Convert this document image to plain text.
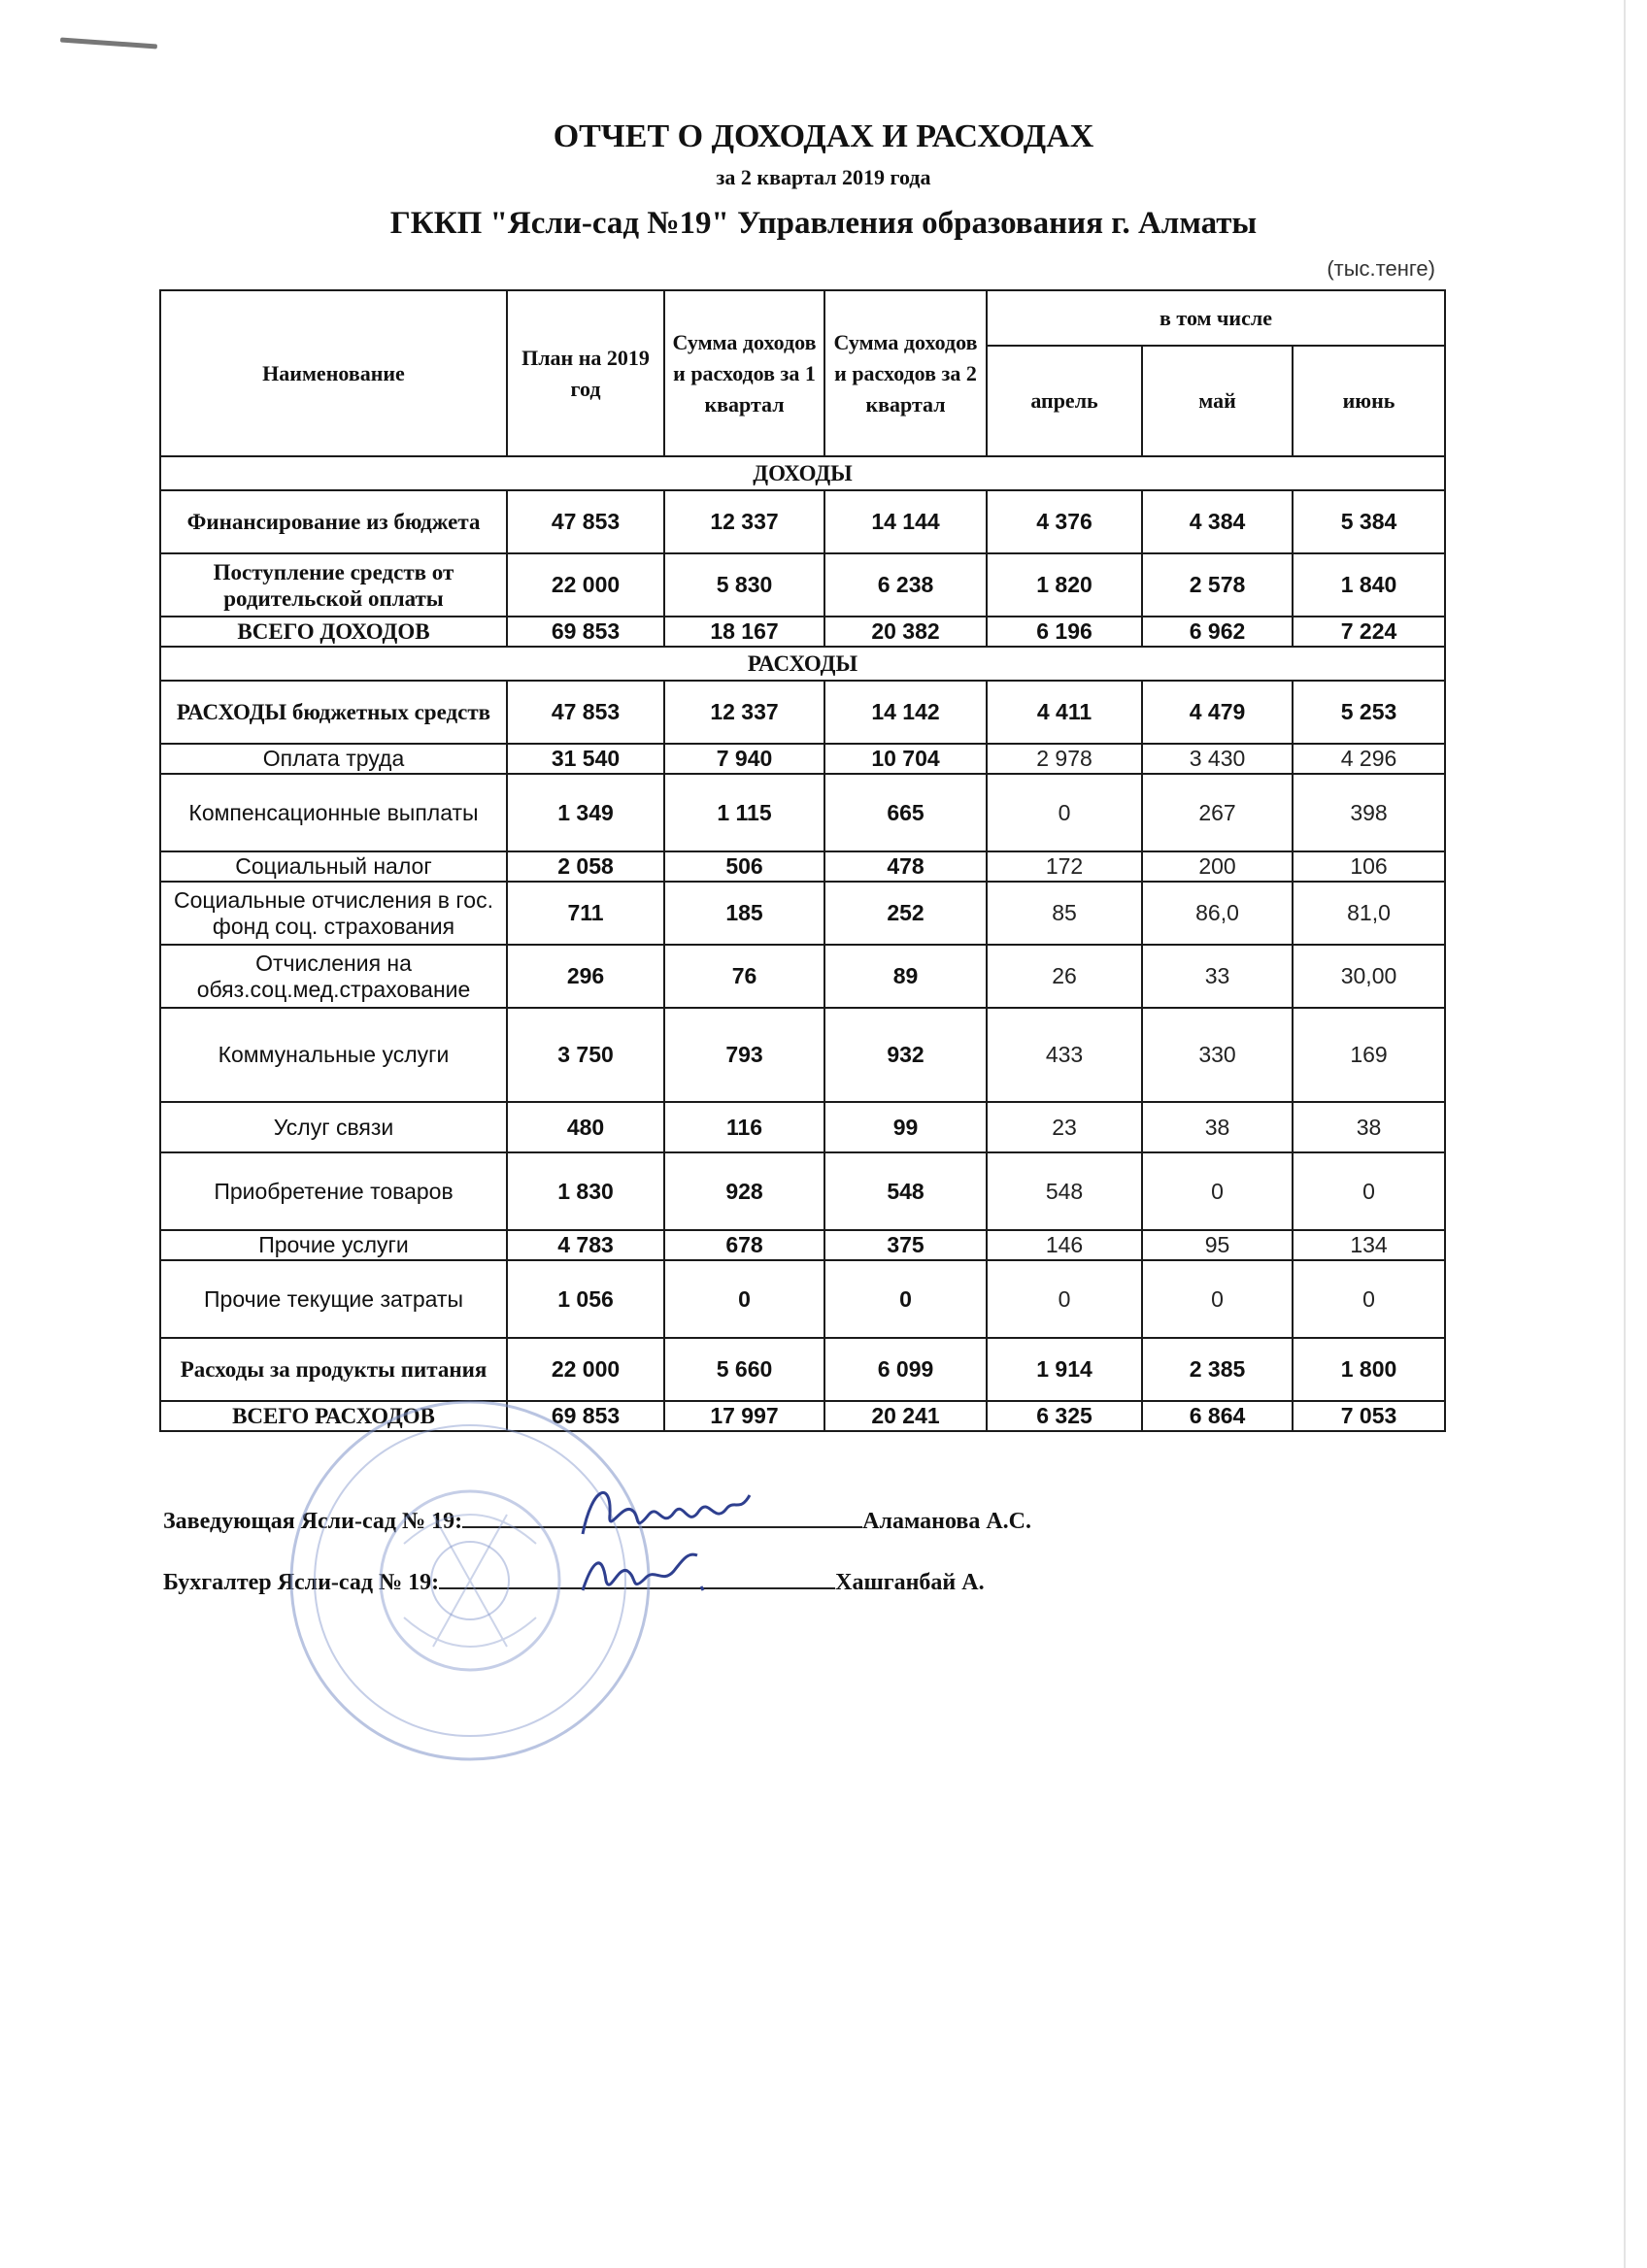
ОТЧЕТ О ДОХОДАХ И РАСХОДАХ
за 2 квартал 2019 года
ГККП "Ясли-сад №19" Управления образования г. Алматы
(тыс.тенге)
Наименование	План на 2019 год	Сумма доходов и расходов за 1 квартал	Сумма доходов и расходов за 2 квартал	в том числе		
				апрель	май	июнь
ДОХОДЫ						
Финансирование из бюджета	47 853	12 337	14 144	4 376	4 384	5 384
Поступление средств от родительской оплаты	22 000	5 830	6 238	1 820	2 578	1 840
ВСЕГО ДОХОДОВ	69 853	18 167	20 382	6 196	6 962	7 224
РАСХОДЫ						
РАСХОДЫ бюджетных средств	47 853	12 337	14 142	4 411	4 479	5 253
Оплата труда	31 540	7 940	10 704	2 978	3 430	4 296
Компенсационные выплаты	1 349	1 115	665	0	267	398
Социальный налог	2 058	506	478	172	200	106
Социальные отчисления в гос. фонд соц. страхования	711	185	252	85	86,0	81,0
Отчисления на обяз.соц.мед.страхование	296	76	89	26	33	30,00
Коммунальные услуги	3 750	793	932	433	330	169
Услуг связи	480	116	99	23	38	38
Приобретение товаров	1 830	928	548	548	0	0
Прочие услуги	4 783	678	375	146	95	134
Прочие текущие затраты	1 056	0	0	0	0	0
Расходы за продукты питания	22 000	5 660	6 099	1 914	2 385	1 800
ВСЕГО РАСХОДОВ	69 853	17 997	20 241	6 325	6 864	7 053
Заведующая Ясли-сад № 19:	Аламанова А.С.
Бухгалтер Ясли-сад № 19:	Хашганбай А.
